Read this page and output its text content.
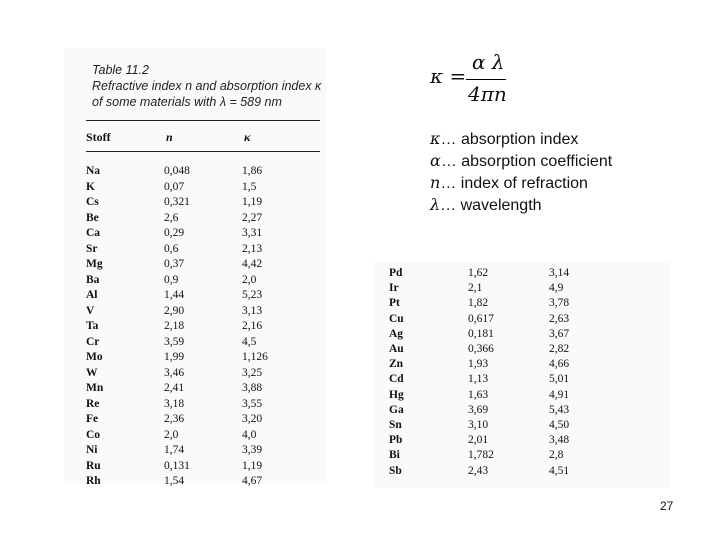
Table 11.2
Refractive index n and absorption index κ
of some materials with λ = 589 nm
Stoff	n	κ
Na	0,048	1,86
K	0,07	1,5
Cs	0,321	1,19
Be	2,6	2,27
Ca	0,29	3,31
Sr	0,6	2,13
Mg	0,37	4,42
Ba	0,9	2,0
Al	1,44	5,23
V	2,90	3,13
Ta	2,18	2,16
Cr	3,59	4,5
Mo	1,99	1,126
W	3,46	3,25
Mn	2,41	3,88
Re	3,18	3,55
Fe	2,36	3,20
Co	2,0	4,0
Ni	1,74	3,39
Ru	0,131	1,19
Rh	1,54	4,67
Pd	1,62	3,14
Ir	2,1	4,9
Pt	1,82	3,78
Cu	0,617	2,63
Ag	0,181	3,67
Au	0,366	2,82
Zn	1,93	4,66
Cd	1,13	5,01
Hg	1,63	4,91
Ga	3,69	5,43
Sn	3,10	4,50
Pb	2,01	3,48
Bi	1,782	2,8
Sb	2,43	4,51
κ =
α λ
4πn
κ… absorption index
α… absorption coefficient
n… index of refraction
λ… wavelength
27
